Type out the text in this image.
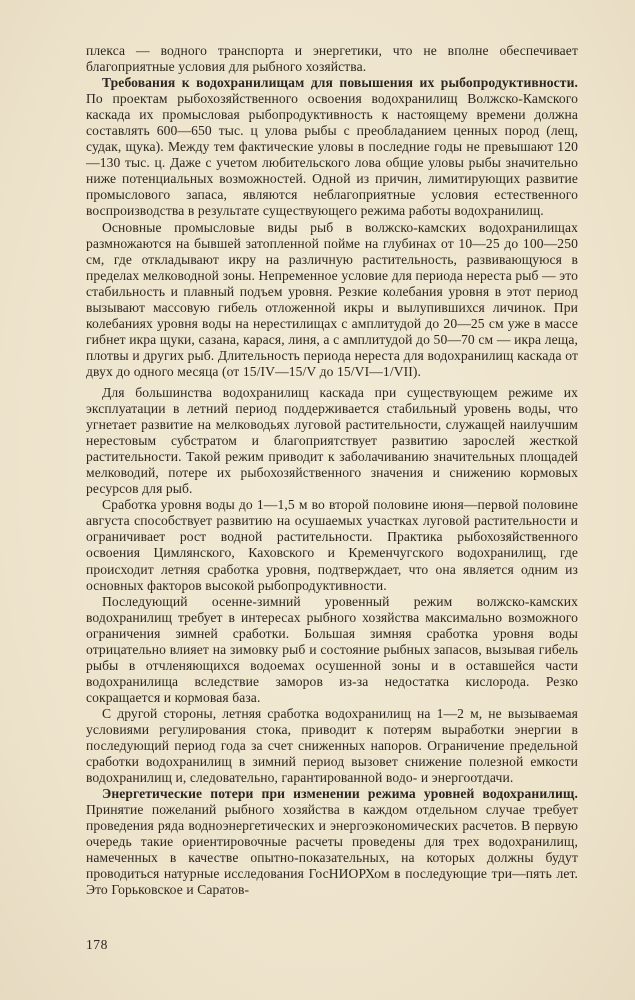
плекса — водного транспорта и энергетики, что не вполне обеспечивает благоприятные условия для рыбного хозяйства.

Требования к водохранилищам для повышения их рыбопродуктивности. По проектам рыбохозяйственного освоения водохранилищ Волжско-Камского каскада их промысловая рыбопродуктивность к настоящему времени должна составлять 600—650 тыс. ц улова рыбы с преобладанием ценных пород (лещ, судак, щука). Между тем фактические уловы в последние годы не превышают 120—130 тыс. ц. Даже с учетом любительского лова общие уловы рыбы значительно ниже потенциальных возможностей. Одной из причин, лимитирующих развитие промыслового запаса, являются неблагоприятные условия естественного воспроизводства в результате существующего режима работы водохранилищ.

Основные промысловые виды рыб в волжско-камских водохранилищах размножаются на бывшей затопленной пойме на глубинах от 10—25 до 100—250 см, где откладывают икру на различную растительность, развивающуюся в пределах мелководной зоны. Непременное условие для периода нереста рыб — это стабильность и плавный подъем уровня. Резкие колебания уровня в этот период вызывают массовую гибель отложенной икры и вылупившихся личинок. При колебаниях уровня воды на нерестилищах с амплитудой до 20—25 см уже в массе гибнет икра щуки, сазана, карася, линя, а с амплитудой до 50—70 см — икра леща, плотвы и других рыб. Длительность периода нереста для водохранилищ каскада от двух до одного месяца (от 15/IV—15/V до 15/VI—1/VII).

Для большинства водохранилищ каскада при существующем режиме их эксплуатации в летний период поддерживается стабильный уровень воды, что угнетает развитие на мелководьях луговой растительности, служащей наилучшим нерестовым субстратом и благоприятствует развитию зарослей жесткой растительности. Такой режим приводит к заболачиванию значительных площадей мелководий, потере их рыбохозяйственного значения и снижению кормовых ресурсов для рыб.

Сработка уровня воды до 1—1,5 м во второй половине июня—первой половине августа способствует развитию на осушаемых участках луговой растительности и ограничивает рост водной растительности. Практика рыбохозяйственного освоения Цимлянского, Каховского и Кременчугского водохранилищ, где происходит летняя сработка уровня, подтверждает, что она является одним из основных факторов высокой рыбопродуктивности.

Последующий осенне-зимний уровенный режим волжско-камских водохранилищ требует в интересах рыбного хозяйства максимально возможного ограничения зимней сработки. Большая зимняя сработка уровня воды отрицательно влияет на зимовку рыб и состояние рыбных запасов, вызывая гибель рыбы в отчленяющихся водоемах осушенной зоны и в оставшейся части водохранилища вследствие заморов из-за недостатка кислорода. Резко сокращается и кормовая база.

С другой стороны, летняя сработка водохранилищ на 1—2 м, не вызываемая условиями регулирования стока, приводит к потерям выработки энергии в последующий период года за счет сниженных напоров. Ограничение предельной сработки водохранилищ в зимний период вызовет снижение полезной емкости водохранилищ и, следовательно, гарантированной водо- и энергоотдачи.

Энергетические потери при изменении режима уровней водохранилищ. Принятие пожеланий рыбного хозяйства в каждом отдельном случае требует проведения ряда водноэнергетических и энергоэкономических расчетов. В первую очередь такие ориентировочные расчеты проведены для трех водохранилищ, намеченных в качестве опытно-показательных, на которых должны будут проводиться натурные исследования ГосНИОРХом в последующие три—пять лет. Это Горьковское и Саратов-

178
